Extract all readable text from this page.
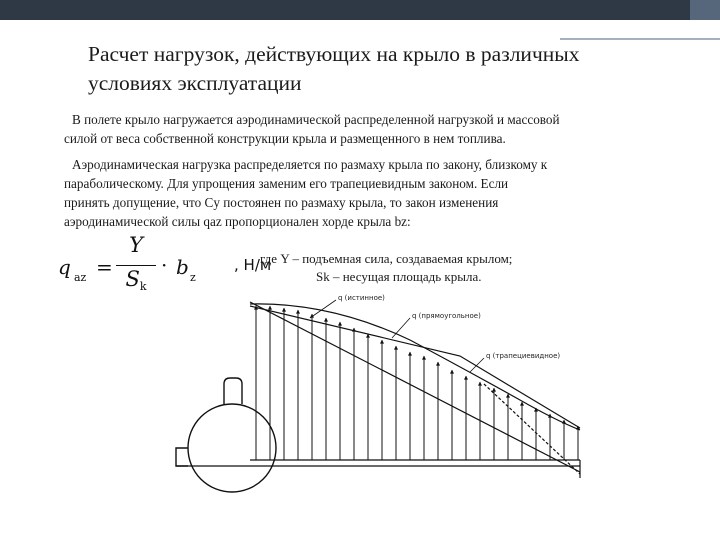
Расчет нагрузок, действующих на крыло в различных
условиях эксплуатации
В полете крыло нагружается аэродинамической распределенной нагрузкой и массовой
силой от веса собственной конструкции крыла и размещенного в нем топлива.
Аэродинамическая нагрузка распределяется по размаху крыла по закону, близкому к
параболическому. Для упрощения заменим его трапециевидным законом. Если
принять допущение, что Cy постоянен по размаху крыла, то закон изменения
аэродинамической силы qaz пропорционален хорде крыла bz:
q az =
Y
Sk
· b z
, Н/м
где Y – подъемная сила, создаваемая крылом;
Sk – несущая площадь крыла.
q (истинное)
q (прямоугольное)
q (трапециевидное)
